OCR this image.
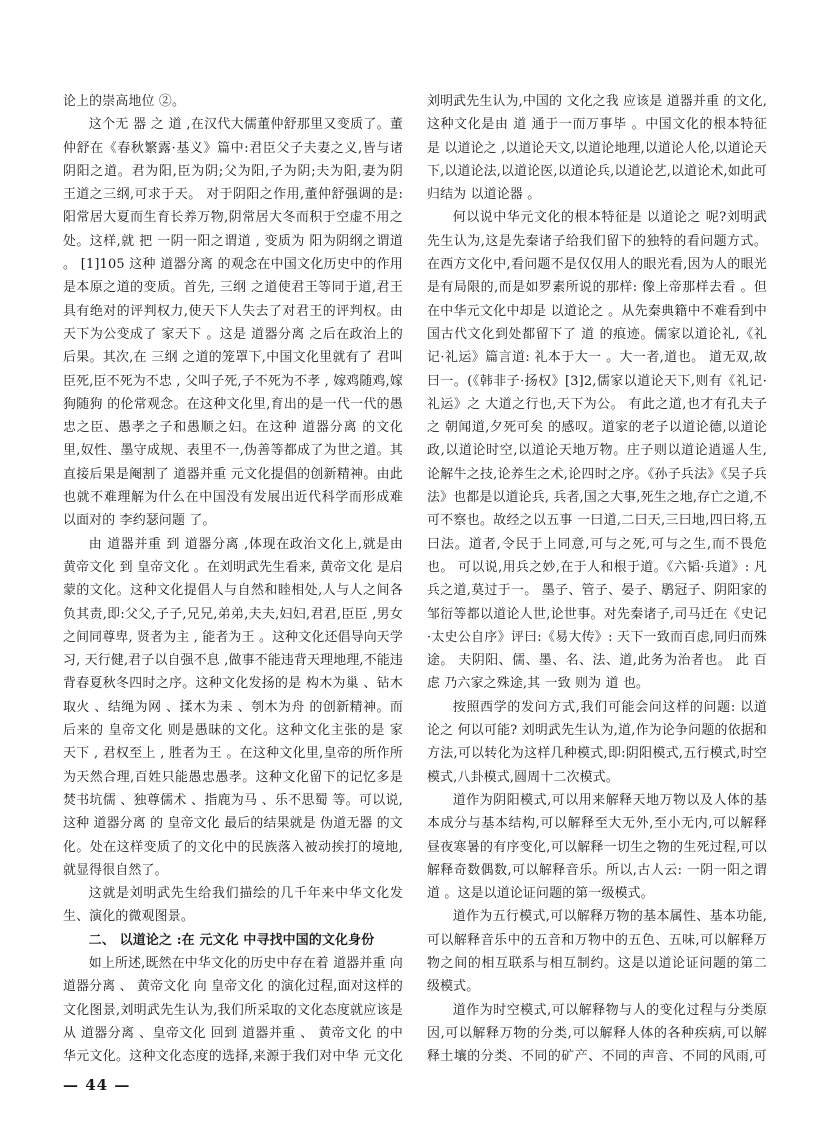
论上的崇高地位 ②。

这个无 器 之 道 ,在汉代大儒董仲舒那里又变质了。董仲舒在《春秋繁露·基义》篇中:君臣父子夫妻之义,皆与诸阴阳之道。君为阳,臣为阴;父为阳,子为阴;夫为阳,妻为阴 王道之三纲,可求于天。 对于阴阳之作用,董仲舒强调的是:阳常居大夏而生育长养万物,阴常居大冬而积于空虚不用之处。这样,就 把 一阴一阳之谓道 , 变质为 阳为阴纲之谓道 。 [1]105 这种 道器分离 的观念在中国文化历史中的作用是本原之道的变质。首先, 三纲 之道使君王等同于道,君王具有绝对的评判权力,使天下人失去了对君王的评判权。由天下为公变成了 家天下 。这是 道器分离 之后在政治上的后果。其次,在 三纲 之道的笼罩下,中国文化里就有了 君叫臣死,臣不死为不忠 , 父叫子死,子不死为不孝 , 嫁鸡随鸡,嫁狗随狗 的伦常观念。在这种文化里,育出的是一代一代的愚忠之臣、愚孝之子和愚顺之妇。在这种 道器分离 的文化里,奴性、墨守成规、表里不一,伪善等都成了为世之道。其直接后果是阉割了 道器并重 元文化提倡的创新精神。由此也就不难理解为什么在中国没有发展出近代科学而形成难以面对的 李约瑟问题 了。

由 道器并重 到 道器分离 ,体现在政治文化上,就是由 黄帝文化 到 皇帝文化 。在刘明武先生看来, 黄帝文化 是启蒙的文化。这种文化提倡人与自然和睦相处,人与人之间各负其责,即:父父,子子,兄兄,弟弟,夫夫,妇妇,君君,臣臣 ,男女之间同尊卑, 贤者为主 , 能者为王 。这种文化还倡导向天学习, 天行健,君子以自强不息 ,做事不能违背天理地理,不能违背春夏秋冬四时之序。这种文化发扬的是 构木为巢 、钻木取火 、结绳为网 、揉木为耒 、刳木为舟 的创新精神。而后来的 皇帝文化 则是愚昧的文化。这种文化主张的是 家天下 , 君权至上 , 胜者为王 。在这种文化里,皇帝的所作所为天然合理,百姓只能愚忠愚孝。这种文化留下的记忆多是 焚书坑儒 、独尊儒术 、指鹿为马 、乐不思蜀 等。可以说,这种 道器分离 的 皇帝文化 最后的结果就是 伪道无器 的文化。处在这样变质了的文化中的民族落入被动挨打的境地,就显得很自然了。

这就是刘明武先生给我们描绘的几千年来中华文化发生、演化的微观图景。

二、 以道论之 :在 元文化 中寻找中国的文化身份

如上所述,既然在中华文化的历史中存在着 道器并重 向 道器分离 、 黄帝文化 向 皇帝文化 的演化过程,面对这样的文化图景,刘明武先生认为,我们所采取的文化态度就应该是从 道器分离 、皇帝文化 回到 道器并重 、 黄帝文化 的中华元文化。这种文化态度的选择,来源于我们对中华 元文化

刘明武先生认为,中国的 文化之我 应该是 道器并重 的文化,这种文化是由 道 通于一而万事毕 。中国文化的根本特征是 以道论之 ,以道论天文,以道论地理,以道论人伦,以道论天下,以道论法,以道论医,以道论兵,以道论艺,以道论术,如此可归结为 以道论器 。

何以说中华元文化的根本特征是 以道论之 呢?刘明武先生认为,这是先秦诸子给我们留下的独特的看问题方式。在西方文化中,看问题不是仅仅用人的眼光看,因为人的眼光是有局限的,而是如罗素所说的那样: 像上帝那样去看 。但在中华元文化中却是 以道论之 。从先秦典籍中不难看到中国古代文化到处都留下了 道 的痕迹。儒家以道论礼,《礼记·礼运》篇言道: 礼本于大一 。大一者,道也。 道无双,故曰一。(《韩非子·扬权》[3]2,儒家以道论天下,则有《礼记·礼运》之 大道之行也,天下为公。 有此之道,也才有孔夫子之 朝闻道,夕死可矣 的感叹。道家的老子以道论德,以道论政,以道论时空,以道论天地万物。庄子则以道论逍遥人生,论解牛之技,论养生之术,论四时之序。《孙子兵法》《吴子兵法》也都是以道论兵, 兵者,国之大事,死生之地,存亡之道,不可不察也。故经之以五事 一曰道,二曰天,三曰地,四曰将,五曰法。道者,令民于上同意,可与之死,可与之生,而不畏危也。 可以说,用兵之妙,在于人和根于道。《六韬·兵道》: 凡兵之道,莫过于一。 墨子、管子、晏子、鹖冠子、阴阳家的邹衍等都以道论人世,论世事。对先秦诸子,司马迁在《史记·太史公自序》评曰:《易大传》: 天下一致而百虑,同归而殊途。 夫阴阳、儒、墨、名、法、道,此务为治者也。 此 百虑 乃六家之殊途,其 一致 则为 道 也。

按照西学的发问方式,我们可能会问这样的问题: 以道论之 何以可能? 刘明武先生认为,道,作为论争问题的依据和方法,可以转化为这样几种模式,即:阴阳模式,五行模式,时空模式,八卦模式,圆周十二次模式。

道作为阴阳模式,可以用来解释天地万物以及人体的基本成分与基本结构,可以解释至大无外,至小无内,可以解释昼夜寒暑的有序变化,可以解释一切生之物的生死过程,可以解释奇数偶数,可以解释音乐。所以,古人云: 一阴一阳之谓道 。这是以道论证问题的第一级模式。

道作为五行模式,可以解释万物的基本属性、基本功能,可以解释音乐中的五音和万物中的五色、五味,可以解释万物之间的相互联系与相互制约。这是以道论证问题的第二级模式。

道作为时空模式,可以解释物与人的变化过程与分类原因,可以解释万物的分类,可以解释人体的各种疾病,可以解释土壤的分类、不同的矿产、不同的声音、不同的风雨,可

— 44 —
